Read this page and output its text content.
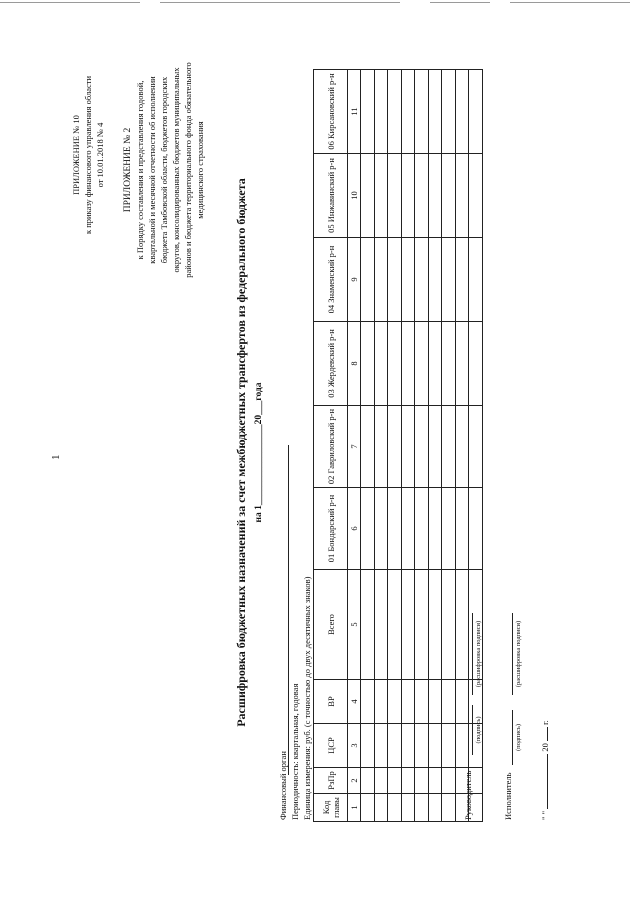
1
ПРИЛОЖЕНИЕ № 10 к приказу финансового управления области от 10.01.2018 № 4 ПРИЛОЖЕНИЕ № 2 к Порядку составления и представления годовой, квартальной и месячной отчетности об исполнении бюджета Тамбовской области, бюджетов городских округов, консолидированных бюджетов муниципальных районов и бюджета территориального фонда обязательного медицинского страхования
Расшифровка бюджетных назначений за счет межбюджетных трансфертов из федерального бюджета на 1_________________20___года
Финансовый орган Периодичность: квартальная, годовая Единица измерения: руб. (с точностью до двух десятичных знаков) Код главы	РзПр	ЦСР	ВР	Всего	01 Бондарский р-н	02 Гавриловский р-н	03 Жердевский р-н	04 Знаменский р-н	05 Инжавинский р-н	06 Кирсановский р-н
1	2	3	4	5	6	7	8	9	10	11

Руководитель
(подпись)
(расшифровка подписи)
Исполнитель
(подпись)
(расшифровка подписи)
" "  20  г.
